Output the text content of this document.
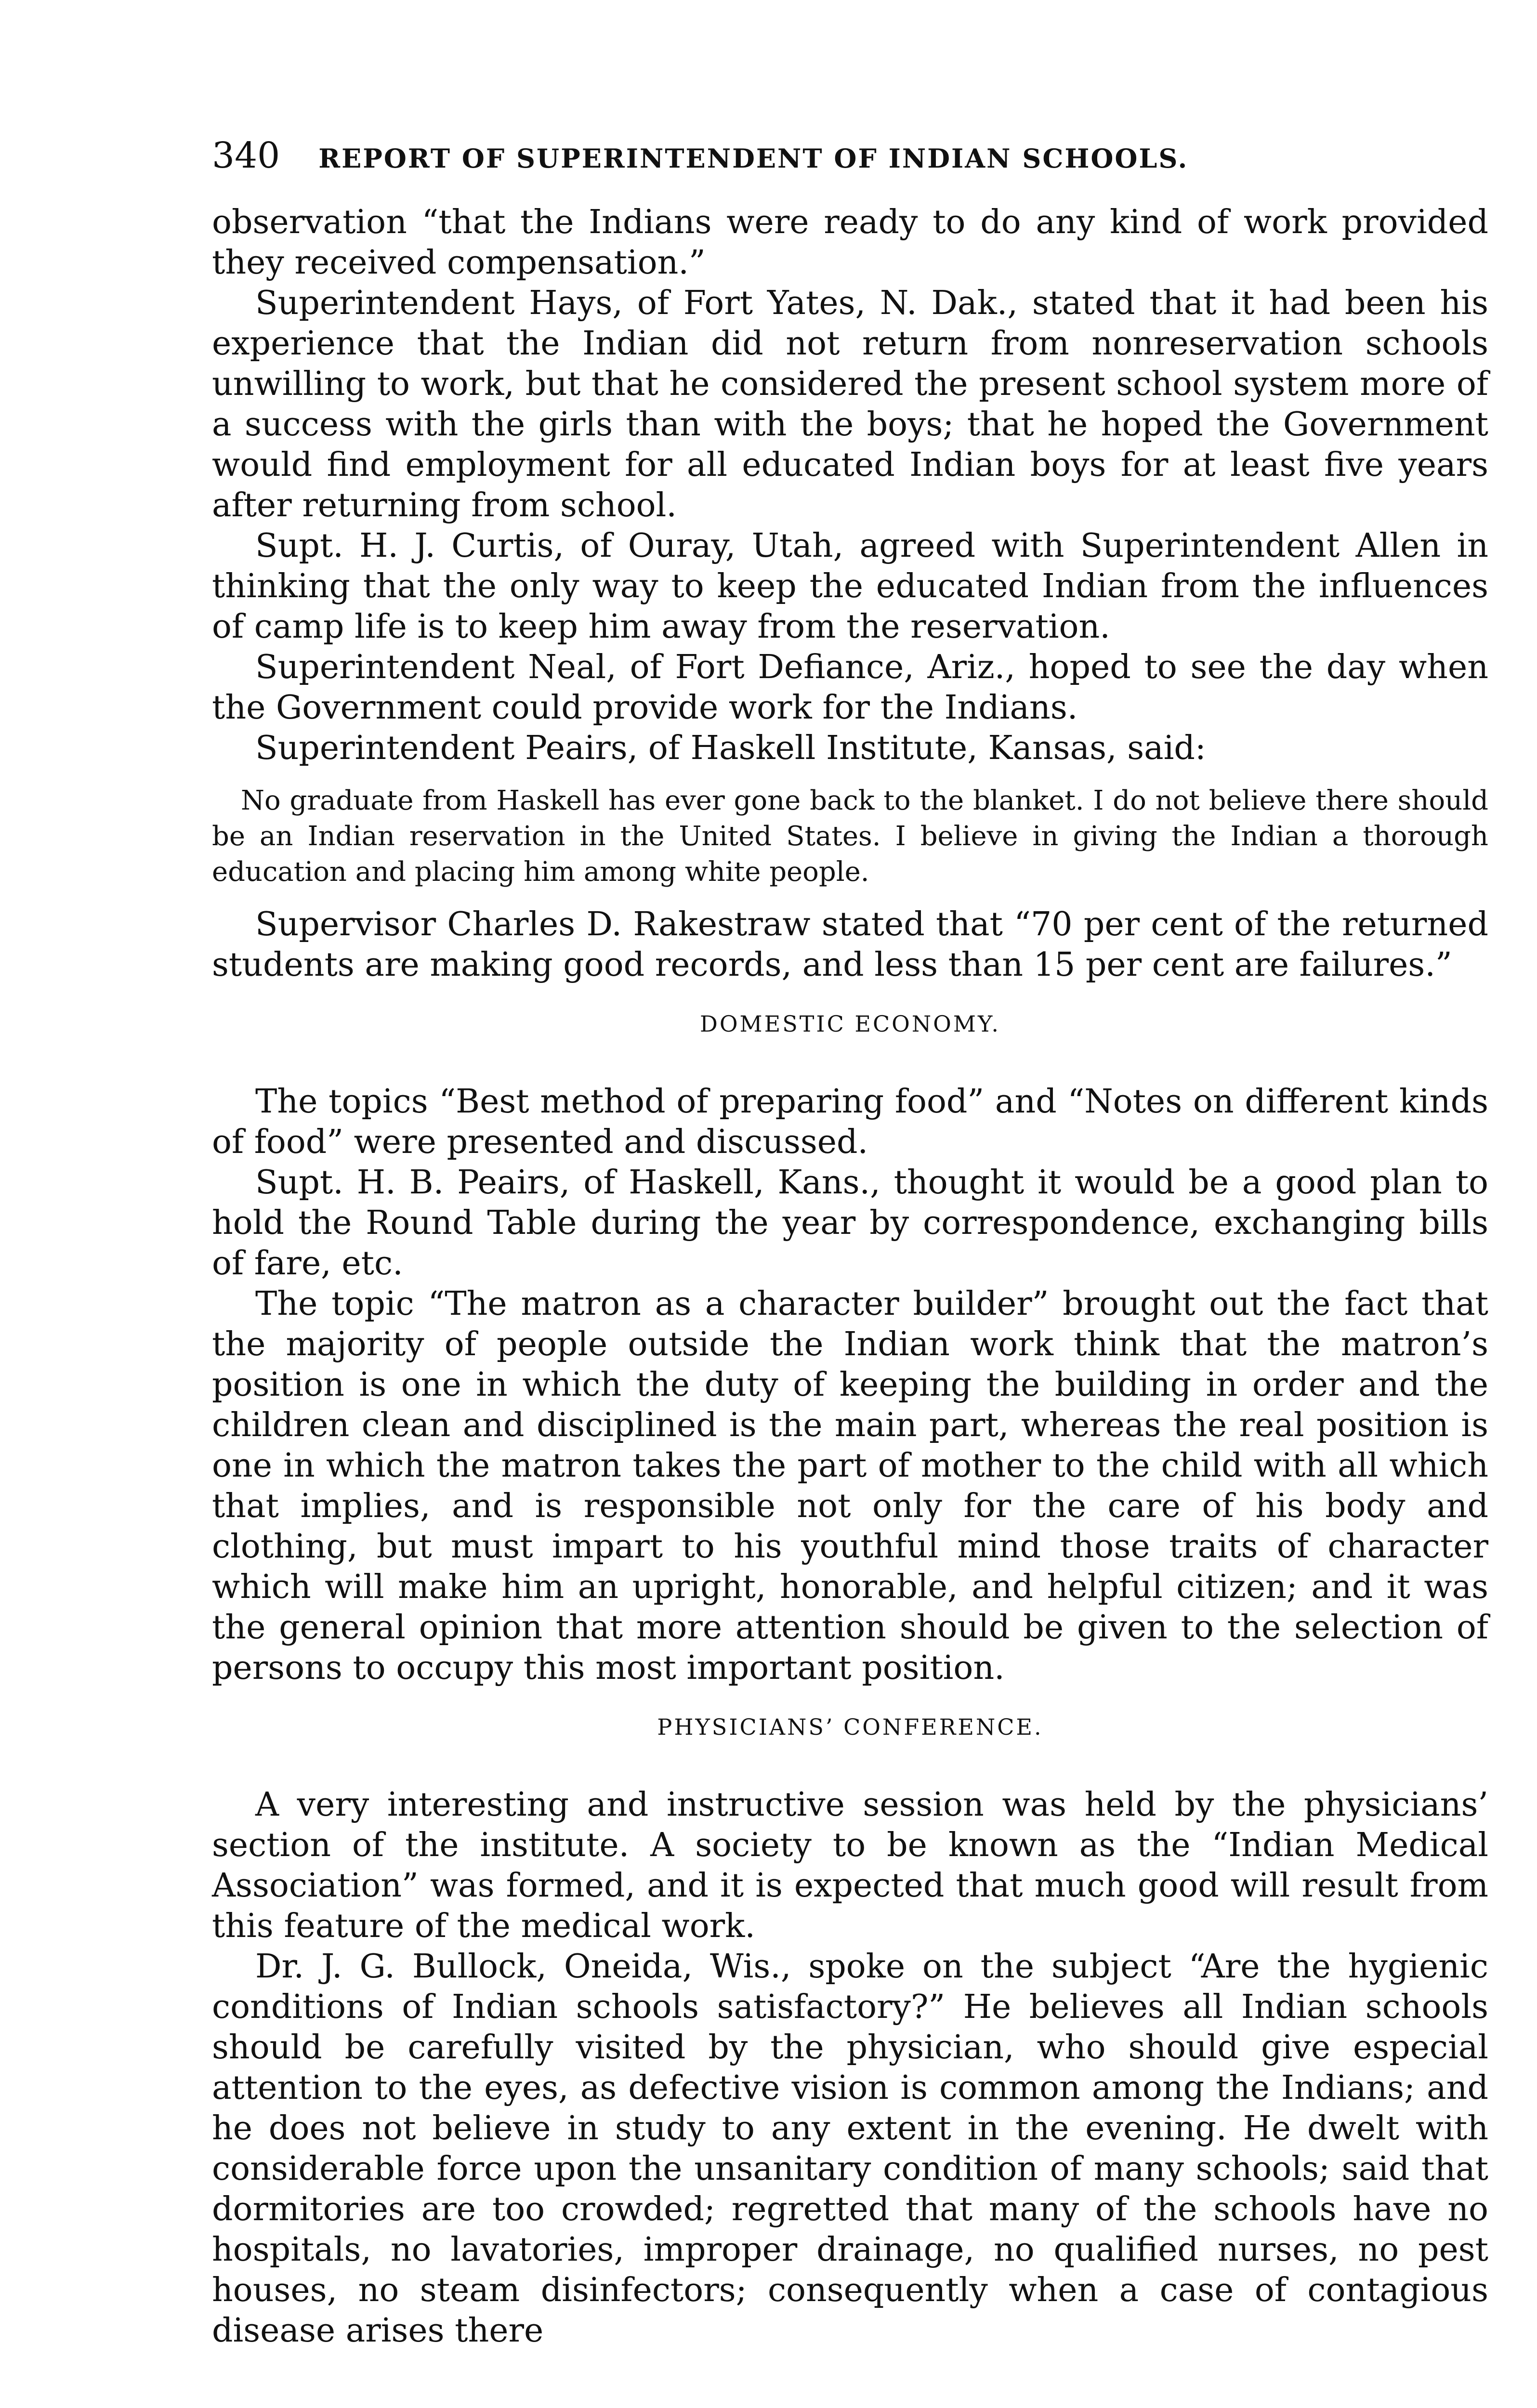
340 REPORT OF SUPERINTENDENT OF INDIAN SCHOOLS.

observation “that the Indians were ready to do any kind of work provided they received compensation.”

Superintendent Hays, of Fort Yates, N. Dak., stated that it had been his experience that the Indian did not return from nonreservation schools unwilling to work, but that he considered the present school system more of a success with the girls than with the boys; that he hoped the Government would find employment for all educated Indian boys for at least five years after returning from school.

Supt. H. J. Curtis, of Ouray, Utah, agreed with Superintendent Allen in thinking that the only way to keep the educated Indian from the influences of camp life is to keep him away from the reservation.

Superintendent Neal, of Fort Defiance, Ariz., hoped to see the day when the Government could provide work for the Indians.

Superintendent Peairs, of Haskell Institute, Kansas, said:

No graduate from Haskell has ever gone back to the blanket. I do not believe there should be an Indian reservation in the United States. I believe in giving the Indian a thorough education and placing him among white people.

Supervisor Charles D. Rakestraw stated that “70 per cent of the returned students are making good records, and less than 15 per cent are failures.”

DOMESTIC ECONOMY.

The topics “Best method of preparing food” and “Notes on different kinds of food” were presented and discussed.

Supt. H. B. Peairs, of Haskell, Kans., thought it would be a good plan to hold the Round Table during the year by correspondence, exchanging bills of fare, etc.

The topic “The matron as a character builder” brought out the fact that the majority of people outside the Indian work think that the matron’s position is one in which the duty of keeping the building in order and the children clean and disciplined is the main part, whereas the real position is one in which the matron takes the part of mother to the child with all which that implies, and is responsible not only for the care of his body and clothing, but must impart to his youthful mind those traits of character which will make him an upright, honorable, and helpful citizen; and it was the general opinion that more attention should be given to the selection of persons to occupy this most important position.

PHYSICIANS’ CONFERENCE.

A very interesting and instructive session was held by the physicians’ section of the institute. A society to be known as the “Indian Medical Association” was formed, and it is expected that much good will result from this feature of the medical work.

Dr. J. G. Bullock, Oneida, Wis., spoke on the subject “Are the hygienic conditions of Indian schools satisfactory?” He believes all Indian schools should be carefully visited by the physician, who should give especial attention to the eyes, as defective vision is common among the Indians; and he does not believe in study to any extent in the evening. He dwelt with considerable force upon the unsanitary condition of many schools; said that dormitories are too crowded; regretted that many of the schools have no hospitals, no lavatories, improper drainage, no qualified nurses, no pest houses, no steam disinfectors; consequently when a case of contagious disease arises there
